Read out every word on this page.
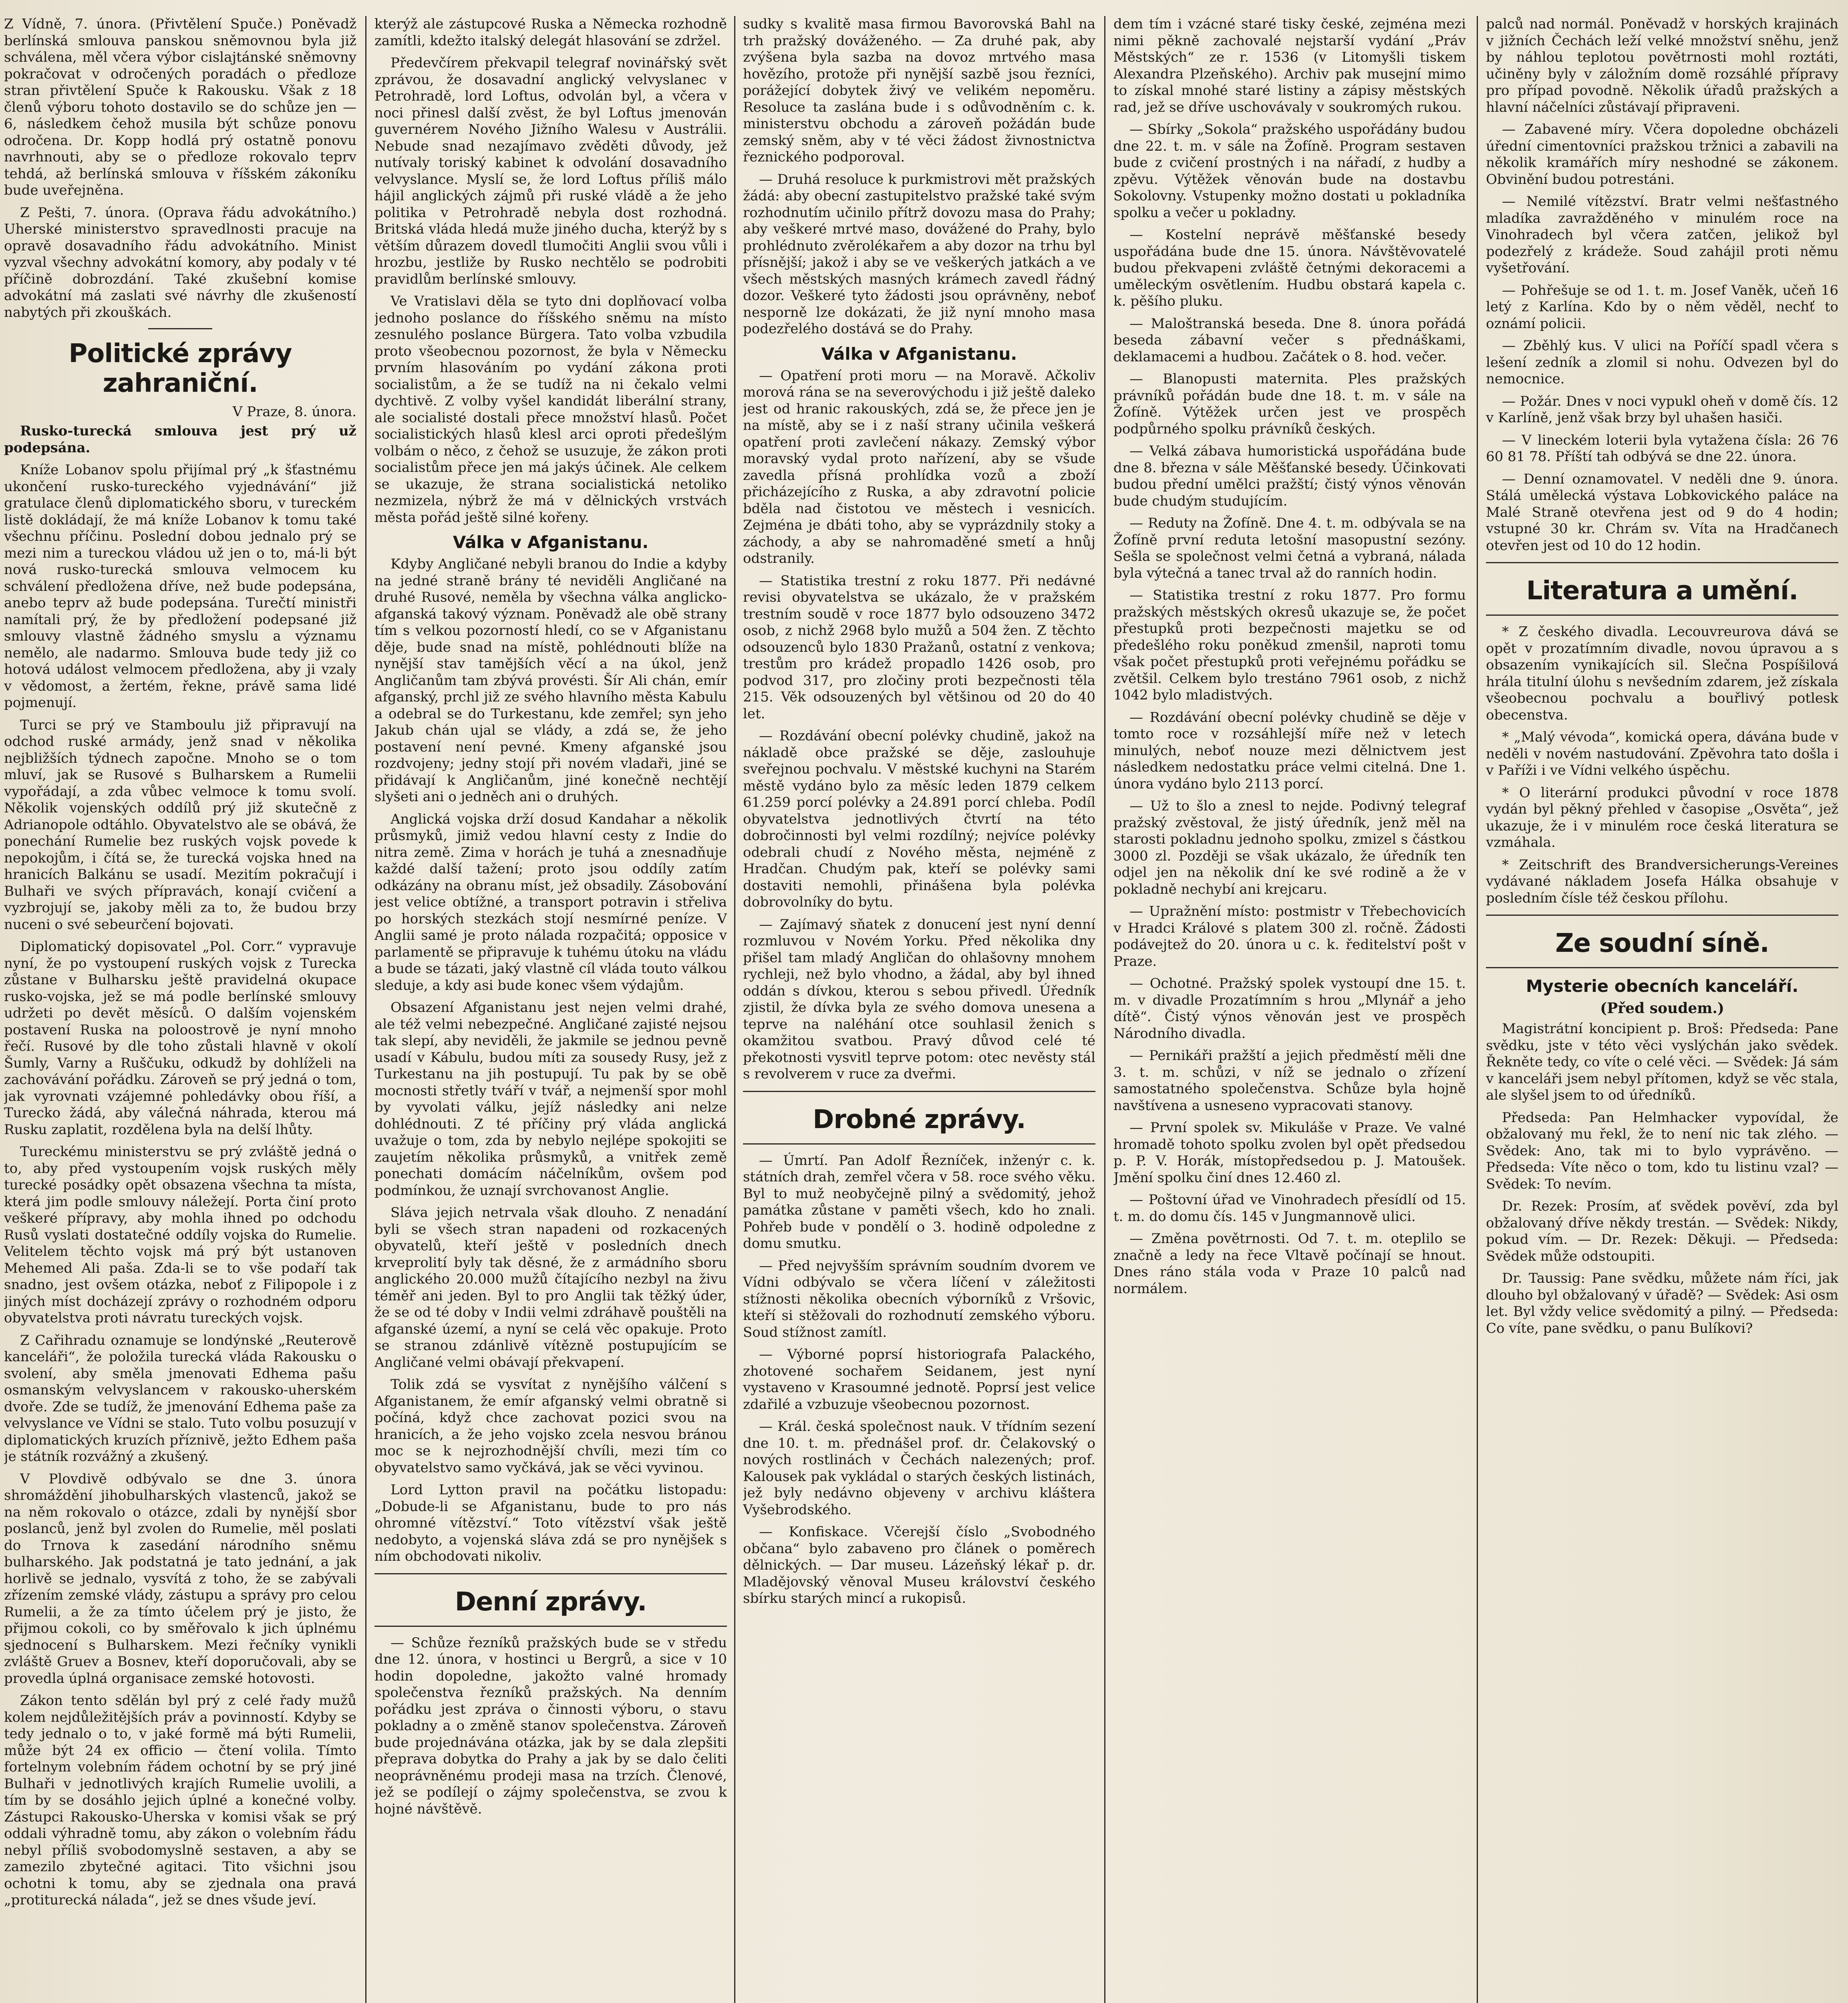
Z Vídně, 7. února. (Přivtělení Spuče.) Poněvadž berlínská smlouva panskou sněmovnou byla již schválena, měl včera výbor cislajtánské sněmovny pokračovat v odročených poradách o předloze stran přivtělení Spuče k Rakousku. Však z 18 členů výboru tohoto dostavilo se do schůze jen — 6, následkem čehož musila být schůze ponovu odročena. Dr. Kopp hodlá prý ostatně ponovu navrhnouti, aby se o předloze rokovalo teprv tehdá, až berlínská smlouva v říšském zákoníku bude uveřejněna.

Z Pešti, 7. února. (Oprava řádu advokátního.) Uherské ministerstvo spravedlnosti pracuje na opravě dosavadního řádu advokátního. Minist vyzval všechny advokátní komory, aby podaly v té příčině dobrozdání. Také zkušební komise advokátní má zaslati své návrhy dle zkušeností nabytých při zkouškách.

Politické zprávy zahraniční.
V Praze, 8. února.

Rusko-turecká smlouva jest prý už podepsána.

Kníže Lobanov spolu přijímal prý „k šťastnému ukončení rusko-tureckého vyjednávání“ již gratulace členů diplomatického sboru, v tureckém listě dokládají, že má kníže Lobanov k tomu také všechnu příčinu. Poslední dobou jednalo prý se mezi nim a tureckou vládou už jen o to, má-li být nová rusko-turecká smlouva velmocem ku schválení předložena dříve, než bude podepsána, anebo teprv až bude podepsána. Turečtí ministři namítali prý, že by předložení podepsané již smlouvy vlastně žádného smyslu a významu nemělo, ale nadarmo. Smlouva bude tedy již co hotová událost velmocem předložena, aby ji vzaly v vědomost, a žertém, řekne, právě sama lidé pojmenují.

Turci se prý ve Stamboulu již připravují na odchod ruské armády, jenž snad v několika nejbližších týdnech započne. Mnoho se o tom mluví, jak se Rusové s Bulharskem a Rumelii vypořádají, a zda vůbec velmoce k tomu svolí. Několik vojenských oddílů prý již skutečně z Adrianopole odtáhlo. Obyvatelstvo ale se obává, že ponechání Rumelie bez ruských vojsk povede k nepokojům, i čítá se, že turecká vojska hned na hranicích Balkánu se usadí. Mezitím pokračují i Bulhaři ve svých přípravách, konají cvičení a vyzbrojují se, jakoby měli za to, že budou brzy nuceni o své sebeurčení bojovati.

Diplomatický dopisovatel „Pol. Corr.“ vypravuje nyní, že po vystoupení ruských vojsk z Turecka zůstane v Bulharsku ještě pravidelná okupace rusko-vojska, jež se má podle berlínské smlouvy udržeti po devět měsíců. O dalším vojenském postavení Ruska na poloostrově je nyní mnoho řečí. Rusové by dle toho zůstali hlavně v okolí Šumly, Varny a Ruščuku, odkudž by dohlíželi na zachovávání pořádku. Zároveň se prý jedná o tom, jak vyrovnati vzájemné pohledávky obou říší, a Turecko žádá, aby válečná náhrada, kterou má Rusku zaplatit, rozdělena byla na delší lhůty.

Tureckému ministerstvu se prý zvláště jedná o to, aby před vystoupením vojsk ruských měly turecké posádky opět obsazena všechna ta místa, která jim podle smlouvy náležejí. Porta činí proto veškeré přípravy, aby mohla ihned po odchodu Rusů vyslati dostatečné oddíly vojska do Rumelie. Velitelem těchto vojsk má prý být ustanoven Mehemed Ali paša. Zda-li se to vše podaří tak snadno, jest ovšem otázka, neboť z Filipopole i z jiných míst docházejí zprávy o rozhodném odporu obyvatelstva proti návratu tureckých vojsk.

Z Cařihradu oznamuje se londýnské „Reuterově kanceláři“, že položila turecká vláda Rakousku o svolení, aby směla jmenovati Edhema pašu osmanským velvyslancem v rakousko-uherském dvoře. Zde se tudíž, že jmenování Edhema paše za velvyslance ve Vídni se stalo. Tuto volbu posuzují v diplomatických kruzích příznivě, ježto Edhem paša je státník rozvážný a zkušený.

V Plovdivě odbývalo se dne 3. února shromáždění jihobulharských vlastenců, jakož se na něm rokovalo o otázce, zdali by nynější sbor poslanců, jenž byl zvolen do Rumelie, měl poslati do Trnova k zasedání národního sněmu bulharského. Jak podstatná je tato jednání, a jak horlivě se jednalo, vysvítá z toho, že se zabývali zřízením zemské vlády, zástupu a správy pro celou Rumelii, a že za tímto účelem prý je jisto, že přijmou cokoli, co by směřovalo k jich úplnému sjednocení s Bulharskem. Mezi řečníky vynikli zvláště Gruev a Bosnev, kteří doporučovali, aby se provedla úplná organisace zemské hotovosti.

Zákon tento sdělán byl prý z celé řady mužů kolem nejdůležitějších práv a povinností. Kdyby se tedy jednalo o to, v jaké formě má býti Rumelii, může být 24 ex officio — čtení volila. Tímto fortelnym volebním řádem ochotní by se prý jiné Bulhaři v jednotlivých krajích Rumelie uvolili, a tím by se dosáhlo jejich úplné a konečné volby. Zástupci Rakousko-Uherska v komisi však se prý oddali výhradně tomu, aby zákon o volebním řádu nebyl příliš svobodomyslně sestaven, a aby se zamezilo zbytečné agitaci. Tito všichni jsou ochotni k tomu, aby se zjednala ona pravá „protiturecká nálada“, jež se dnes všude jeví.

kterýž ale zástupcové Ruska a Německa rozhodně zamítli, kdežto italský delegát hlasování se zdržel.

Předevčírem překvapil telegraf novinářský svět zprávou, že dosavadní anglický velvyslanec v Petrohradě, lord Loftus, odvolán byl, a včera v noci přinesl další zvěst, že byl Loftus jmenován guvernérem Nového Jižního Walesu v Austrálii. Nebude snad nezajímavo zvěděti důvody, jež nutívaly toriský kabinet k odvolání dosavadního velvyslance. Myslí se, že lord Loftus příliš málo hájil anglických zájmů při ruské vládě a že jeho politika v Petrohradě nebyla dost rozhodná. Britská vláda hledá muže jiného ducha, kterýž by s větším důrazem dovedl tlumočiti Anglii svou vůli i hrozbu, jestliže by Rusko nechtělo se podrobiti pravidlům berlínské smlouvy.

Ve Vratislavi děla se tyto dni doplňovací volba jednoho poslance do říšského sněmu na místo zesnulého poslance Bürgera. Tato volba vzbudila proto všeobecnou pozornost, že byla v Německu prvním hlasováním po vydání zákona proti socialistům, a že se tudíž na ni čekalo velmi dychtivě. Z volby vyšel kandidát liberální strany, ale socialisté dostali přece množství hlasů. Počet socialistických hlasů klesl arci oproti předešlým volbám o něco, z čehož se usuzuje, že zákon proti socialistům přece jen má jakýs účinek. Ale celkem se ukazuje, že strana socialistická netoliko nezmizela, nýbrž že má v dělnických vrstvách města pořád ještě silné kořeny.

Válka v Afganistanu.

Kdyby Angličané nebyli branou do Indie a kdyby na jedné straně brány té neviděli Angličané na druhé Rusové, neměla by všechna válka anglicko-afganská takový význam. Poněvadž ale obě strany tím s velkou pozorností hledí, co se v Afganistanu děje, bude snad na místě, pohlédnouti blíže na nynější stav tamějších věcí a na úkol, jenž Angličanům tam zbývá provésti. Šír Ali chán, emír afganský, prchl již ze svého hlavního města Kabulu a odebral se do Turkestanu, kde zemřel; syn jeho Jakub chán ujal se vlády, a zdá se, že jeho postavení není pevné. Kmeny afganské jsou rozdvojeny; jedny stojí při novém vladaři, jiné se přidávají k Angličanům, jiné konečně nechtějí slyšeti ani o jedněch ani o druhých.

Anglická vojska drží dosud Kandahar a několik průsmyků, jimiž vedou hlavní cesty z Indie do nitra země. Zima v horách je tuhá a znesnadňuje každé další tažení; proto jsou oddíly zatím odkázány na obranu míst, jež obsadily. Zásobování jest velice obtížné, a transport potravin i střeliva po horských stezkách stojí nesmírné peníze. V Anglii samé je proto nálada rozpačitá; opposice v parlamentě se připravuje k tuhému útoku na vládu a bude se tázati, jaký vlastně cíl vláda touto válkou sleduje, a kdy asi bude konec všem výdajům.

Obsazení Afganistanu jest nejen velmi drahé, ale též velmi nebezpečné. Angličané zajisté nejsou tak slepí, aby neviděli, že jakmile se jednou pevně usadí v Kábulu, budou míti za sousedy Rusy, jež z Turkestanu na jih postupují. Tu pak by se obě mocnosti střetly tváří v tvář, a nejmenší spor mohl by vyvolati válku, jejíž následky ani nelze dohlédnouti. Z té příčiny prý vláda anglická uvažuje o tom, zda by nebylo nejlépe spokojiti se zaujetím několika průsmyků, a vnitřek země ponechati domácím náčelníkům, ovšem pod podmínkou, že uznají svrchovanost Anglie.

Sláva jejich netrvala však dlouho. Z nenadání byli se všech stran napadeni od rozkacených obyvatelů, kteří ještě v posledních dnech krveprolití byly tak děsné, že z armádního sboru anglického 20.000 mužů čítajícího nezbyl na živu téměř ani jeden. Byl to pro Anglii tak těžký úder, že se od té doby v Indii velmi zdráhavě pouštěli na afganské území, a nyní se celá věc opakuje. Proto se stranou zdánlivě vítězně postupujícím se Angličané velmi obávají překvapení.

Tolik zdá se vysvítat z nynějšího válčení s Afganistanem, že emír afganský velmi obratně si počíná, když chce zachovat pozici svou na hranicích, a že jeho vojsko zcela nesvou bránou moc se k nejrozhodnější chvíli, mezi tím co obyvatelstvo samo vyčkává, jak se věci vyvinou.

Lord Lytton pravil na počátku listopadu: „Dobude-li se Afganistanu, bude to pro nás ohromné vítězství.“ Toto vítězství však ještě nedobyto, a vojenská sláva zdá se pro nynějšek s ním obchodovati nikoliv.

Denní zprávy.

— Schůze řezníků pražských bude se v středu dne 12. února, v hostinci u Bergrů, a sice v 10 hodin dopoledne, jakožto valné hromady společenstva řezníků pražských. Na denním pořádku jest zpráva o činnosti výboru, o stavu pokladny a o změně stanov společenstva. Zároveň bude projednávána otázka, jak by se dala zlepšiti přeprava dobytka do Prahy a jak by se dalo čeliti neoprávněnému prodeji masa na trzích. Členové, jež se podílejí o zájmy společenstva, se zvou k hojné návštěvě.

sudky s kvalitě masa firmou Bavorovská Bahl na trh pražský dováženého. — Za druhé pak, aby zvýšena byla sazba na dovoz mrtvého masa hovězího, protože při nynější sazbě jsou řezníci, porážející dobytek živý ve velikém nepoměru. Resoluce ta zaslána bude i s odůvodněním c. k. ministerstvu obchodu a zároveň požádán bude zemský sněm, aby v té věci žádost živnostnictva řeznického podporoval.

— Druhá resoluce k purkmistrovi mět pražských žádá: aby obecní zastupitelstvo pražské také svým rozhodnutím učinilo přítrž dovozu masa do Prahy; aby veškeré mrtvé maso, dovážené do Prahy, bylo prohlédnuto zvěrolékařem a aby dozor na trhu byl přísnější; jakož i aby se ve veškerých jatkách a ve všech městských masných krámech zavedl řádný dozor. Veškeré tyto žádosti jsou oprávněny, neboť nesporně lze dokázati, že již nyní mnoho masa podezřelého dostává se do Prahy.

Válka v Afganistanu.

— Opatření proti moru — na Moravě. Ačkoliv morová rána se na severovýchodu i již ještě daleko jest od hranic rakouských, zdá se, že přece jen je na místě, aby se i z naší strany učinila veškerá opatření proti zavlečení nákazy. Zemský výbor moravský vydal proto nařízení, aby se všude zavedla přísná prohlídka vozů a zboží přicházejícího z Ruska, a aby zdravotní policie bděla nad čistotou ve městech i vesnicích. Zejména je dbáti toho, aby se vyprázdnily stoky a záchody, a aby se nahromaděné smetí a hnůj odstranily.

— Statistika trestní z roku 1877. Při nedávné revisi obyvatelstva se ukázalo, že v pražském trestním soudě v roce 1877 bylo odsouzeno 3472 osob, z nichž 2968 bylo mužů a 504 žen. Z těchto odsouzenců bylo 1830 Pražanů, ostatní z venkova; trestům pro krádež propadlo 1426 osob, pro podvod 317, pro zločiny proti bezpečnosti těla 215. Věk odsouzených byl většinou od 20 do 40 let.

— Rozdávání obecní polévky chudině, jakož na nákladě obce pražské se děje, zaslouhuje sveřejnou pochvalu. V městské kuchyni na Starém městě vydáno bylo za měsíc leden 1879 celkem 61.259 porcí polévky a 24.891 porcí chleba. Podíl obyvatelstva jednotlivých čtvrtí na této dobročinnosti byl velmi rozdílný; nejvíce polévky odebrali chudí z Nového města, nejméně z Hradčan. Chudým pak, kteří se polévky sami dostaviti nemohli, přinášena byla polévka dobrovolníky do bytu.

— Zajímavý sňatek z donucení jest nyní denní rozmluvou v Novém Yorku. Před několika dny přišel tam mladý Angličan do ohlašovny mnohem rychleji, než bylo vhodno, a žádal, aby byl ihned oddán s dívkou, kterou s sebou přivedl. Úředník zjistil, že dívka byla ze svého domova unesena a teprve na naléhání otce souhlasil ženich s okamžitou svatbou. Pravý důvod celé té překotnosti vysvitl teprve potom: otec nevěsty stál s revolverem v ruce za dveřmi.

Drobné zprávy.

— Úmrtí. Pan Adolf Řezníček, inženýr c. k. státních drah, zemřel včera v 58. roce svého věku. Byl to muž neobyčejně pilný a svědomitý, jehož památka zůstane v paměti všech, kdo ho znali. Pohřeb bude v pondělí o 3. hodině odpoledne z domu smutku.

— Před nejvyšším správním soudním dvorem ve Vídni odbývalo se včera líčení v záležitosti stížnosti několika obecních výborníků z Vršovic, kteří si stěžovali do rozhodnutí zemského výboru. Soud stížnost zamítl.

— Výborné poprsí historiografa Palackého, zhotovené sochařem Seidanem, jest nyní vystaveno v Krasoumné jednotě. Poprsí jest velice zdařilé a vzbuzuje všeobecnou pozornost.

— Král. česká společnost nauk. V třídním sezení dne 10. t. m. přednášel prof. dr. Čelakovský o nových rostlinách v Čechách nalezených; prof. Kalousek pak vykládal o starých českých listinách, jež byly nedávno objeveny v archivu kláštera Vyšebrodského.

— Konfiskace. Včerejší číslo „Svobodného občana“ bylo zabaveno pro článek o poměrech dělnických. — Dar museu. Lázeňský lékař p. dr. Mladějovský věnoval Museu království českého sbírku starých mincí a rukopisů.

dem tím i vzácné staré tisky české, zejména mezi nimi pěkně zachovalé nejstarší vydání „Práv Městských“ ze r. 1536 (v Litomyšli tiskem Alexandra Plzeňského). Archiv pak musejní mimo to získal mnohé staré listiny a zápisy městských rad, jež se dříve uschovávaly v soukromých rukou.

— Sbírky „Sokola“ pražského uspořádány budou dne 22. t. m. v sále na Žofíně. Program sestaven bude z cvičení prostných i na nářadí, z hudby a zpěvu. Výtěžek věnován bude na dostavbu Sokolovny. Vstupenky možno dostati u pokladníka spolku a večer u pokladny.

— Kostelní neprávě měšťanské besedy uspořádána bude dne 15. února. Návštěvovatelé budou překvapeni zvláště četnými dekoracemi a uměleckým osvětlením. Hudbu obstará kapela c. k. pěšího pluku.

— Maloštranská beseda. Dne 8. února pořádá beseda zábavní večer s přednáškami, deklamacemi a hudbou. Začátek o 8. hod. večer.

— Blanopusti maternita. Ples pražských právníků pořádán bude dne 18. t. m. v sále na Žofíně. Výtěžek určen jest ve prospěch podpůrného spolku právníků českých.

— Velká zábava humoristická uspořádána bude dne 8. března v sále Měšťanské besedy. Účinkovati budou přední umělci pražští; čistý výnos věnován bude chudým studujícím.

— Reduty na Žofíně. Dne 4. t. m. odbývala se na Žofíně první reduta letošní masopustní sezóny. Sešla se společnost velmi četná a vybraná, nálada byla výtečná a tanec trval až do ranních hodin.

— Statistika trestní z roku 1877. Pro formu pražských městských okresů ukazuje se, že počet přestupků proti bezpečnosti majetku se od předešlého roku poněkud zmenšil, naproti tomu však počet přestupků proti veřejnému pořádku se zvětšil. Celkem bylo trestáno 7961 osob, z nichž 1042 bylo mladistvých.

— Rozdávání obecní polévky chudině se děje v tomto roce v rozsáhlejší míře než v letech minulých, neboť nouze mezi dělnictvem jest následkem nedostatku práce velmi citelná. Dne 1. února vydáno bylo 2113 porcí.

— Už to šlo a znesl to nejde. Podivný telegraf pražský zvěstoval, že jistý úředník, jenž měl na starosti pokladnu jednoho spolku, zmizel s částkou 3000 zl. Později se však ukázalo, že úředník ten odjel jen na několik dní ke své rodině a že v pokladně nechybí ani krejcaru.

— Upražnění místo: postmistr v Třebechovicích v Hradci Králové s platem 300 zl. ročně. Žádosti podávejtež do 20. února u c. k. ředitelství pošt v Praze.

— Ochotné. Pražský spolek vystoupí dne 15. t. m. v divadle Prozatímním s hrou „Mlynář a jeho dítě“. Čistý výnos věnován jest ve prospěch Národního divadla.

— Pernikáři pražští a jejich předměstí měli dne 3. t. m. schůzi, v níž se jednalo o zřízení samostatného společenstva. Schůze byla hojně navštívena a usneseno vypracovati stanovy.

— První spolek sv. Mikuláše v Praze. Ve valné hromadě tohoto spolku zvolen byl opět předsedou p. P. V. Horák, místopředsedou p. J. Matoušek. Jmění spolku činí dnes 12.460 zl.

— Poštovní úřad ve Vinohradech přesídlí od 15. t. m. do domu čís. 145 v Jungmannově ulici.

— Změna povětrnosti. Od 7. t. m. oteplilo se značně a ledy na řece Vltavě počínají se hnout. Dnes ráno stála voda v Praze 10 palců nad normálem.

palců nad normál. Poněvadž v horských krajinách v jižních Čechách leží velké množství sněhu, jenž by náhlou teplotou povětrnosti mohl roztáti, učiněny byly v záložním domě rozsáhlé přípravy pro případ povodně. Několik úřadů pražských a hlavní náčelníci zůstávají připraveni.

— Zabavené míry. Včera dopoledne obcházeli úřední cimentovníci pražskou tržnici a zabavili na několik kramářích míry neshodné se zákonem. Obvinění budou potrestáni.

— Nemilé vítězství. Bratr velmi nešťastného mladíka zavražděného v minulém roce na Vinohradech byl včera zatčen, jelikož byl podezřelý z krádeže. Soud zahájil proti němu vyšetřování.

— Pohřešuje se od 1. t. m. Josef Vaněk, učeň 16 letý z Karlína. Kdo by o něm věděl, nechť to oznámí policii.

— Zběhlý kus. V ulici na Poříčí spadl včera s lešení zedník a zlomil si nohu. Odvezen byl do nemocnice.

— Požár. Dnes v noci vypukl oheň v domě čís. 12 v Karlíně, jenž však brzy byl uhašen hasiči.

— V lineckém loterii byla vytažena čísla: 26 76 60 81 78. Příští tah odbývá se dne 22. února.

— Denní oznamovatel. V neděli dne 9. února. Stálá umělecká výstava Lobkovického paláce na Malé Straně otevřena jest od 9 do 4 hodin; vstupné 30 kr. Chrám sv. Víta na Hradčanech otevřen jest od 10 do 12 hodin.

Literatura a umění.

* Z českého divadla. Lecouvreurova dává se opět v prozatímním divadle, novou úpravou a s obsazením vynikajících sil. Slečna Pospíšilová hrála titulní úlohu s nevšedním zdarem, jež získala všeobecnou pochvalu a bouřlivý potlesk obecenstva.

* „Malý vévoda“, komická opera, dávána bude v neděli v novém nastudování. Zpěvohra tato došla i v Paříži i ve Vídni velkého úspěchu.

* O literární produkci původní v roce 1878 vydán byl pěkný přehled v časopise „Osvěta“, jež ukazuje, že i v minulém roce česká literatura se vzmáhala.

* Zeitschrift des Brandversicherungs-Vereines vydávané nákladem Josefa Hálka obsahuje v posledním čísle též českou přílohu.

Ze soudní síně.
Mysterie obecních kanceláří.
(Před soudem.)

Magistrátní koncipient p. Broš: Předseda: Pane svědku, jste v této věci vyslýchán jako svědek. Řekněte tedy, co víte o celé věci. — Svědek: Já sám v kanceláři jsem nebyl přítomen, když se věc stala, ale slyšel jsem to od úředníků.

Předseda: Pan Helmhacker vypovídal, že obžalovaný mu řekl, že to není nic tak zlého. — Svědek: Ano, tak mi to bylo vyprávěno. — Předseda: Víte něco o tom, kdo tu listinu vzal? — Svědek: To nevím.

Dr. Rezek: Prosím, ať svědek pověví, zda byl obžalovaný dříve někdy trestán. — Svědek: Nikdy, pokud vím. — Dr. Rezek: Děkuji. — Předseda: Svědek může odstoupiti.

Dr. Taussig: Pane svědku, můžete nám říci, jak dlouho byl obžalovaný v úřadě? — Svědek: Asi osm let. Byl vždy velice svědomitý a pilný. — Předseda: Co víte, pane svědku, o panu Bulíkovi?
